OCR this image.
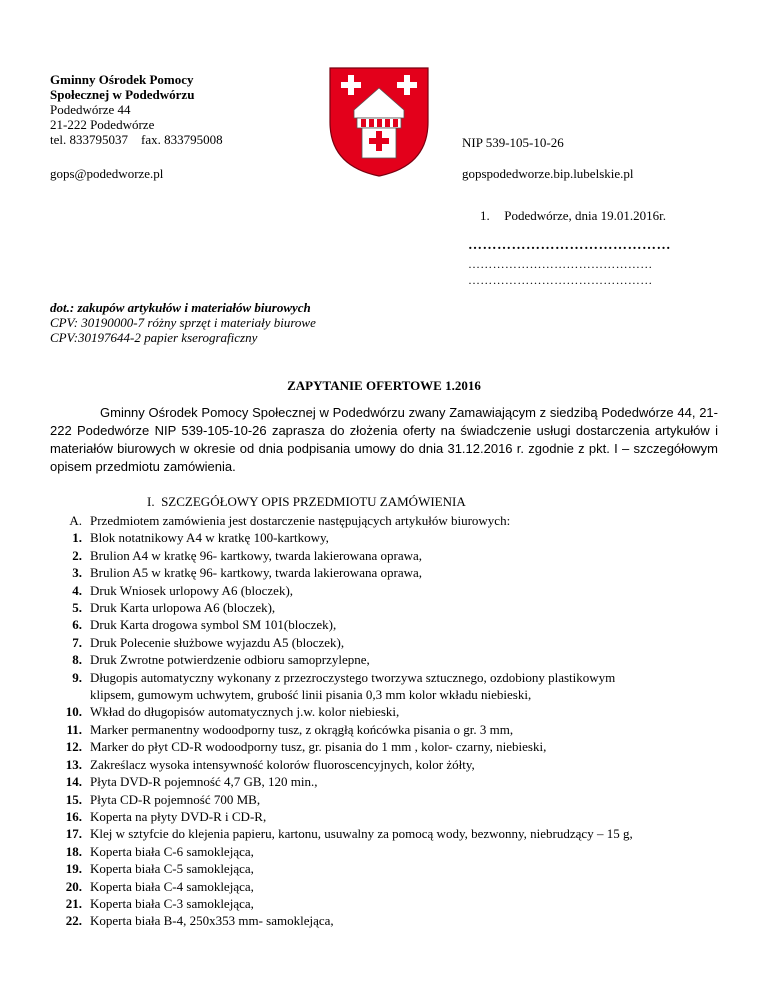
Gminny Ośrodek Pomocy
Społecznej w Podedwórzu
Podedwórze 44
21-222 Podedwórze
tel. 833795037    fax. 833795008	NIP 539-105-10-26
gops@podedworze.pl	gopspodedworze.bip.lubelskie.pl
1. Podedwórze, dnia 19.01.2016r.
……………………………………
………………………………………
………………………………………
dot.: zakupów artykułów i materiałów biurowych
CPV: 30190000-7 różny sprzęt i materiały biurowe
CPV:30197644-2 papier kserograficzny
ZAPYTANIE OFERTOWE 1.2016
Gminny Ośrodek Pomocy Społecznej w Podedwórzu zwany Zamawiającym z siedzibą Podedwórze 44, 21-222 Podedwórze NIP 539-105-10-26 zaprasza do złożenia oferty na świadczenie usługi dostarczenia artykułów i materiałów biurowych w okresie od dnia podpisania umowy do dnia 31.12.2016 r. zgodnie z pkt. I – szczegółowym opisem przedmiotu zamówienia.
I.  SZCZEGÓŁOWY OPIS PRZEDMIOTU ZAMÓWIENIA
A. Przedmiotem zamówienia jest dostarczenie następujących artykułów biurowych:
1. Blok notatnikowy A4 w kratkę 100-kartkowy,
2. Brulion A4 w kratkę 96- kartkowy, twarda lakierowana oprawa,
3. Brulion A5 w kratkę 96- kartkowy, twarda lakierowana oprawa,
4. Druk Wniosek urlopowy A6 (bloczek),
5. Druk Karta urlopowa A6 (bloczek),
6. Druk Karta drogowa symbol SM 101(bloczek),
7. Druk Polecenie służbowe wyjazdu A5 (bloczek),
8. Druk Zwrotne potwierdzenie odbioru samoprzylepne,
9. Długopis automatyczny wykonany z przezroczystego tworzywa sztucznego, ozdobiony plastikowym
klipsem, gumowym uchwytem, grubość linii pisania 0,3 mm kolor wkładu niebieski,
10. Wkład do długopisów automatycznych j.w. kolor niebieski,
11. Marker permanentny wodoodporny tusz, z okrągłą końcówka pisania o gr. 3 mm,
12. Marker do płyt CD-R wodoodporny tusz, gr. pisania do 1 mm , kolor- czarny, niebieski,
13. Zakreślacz wysoka intensywność kolorów fluoroscencyjnych, kolor żółty,
14. Płyta DVD-R pojemność 4,7 GB, 120 min.,
15. Płyta CD-R pojemność 700 MB,
16. Koperta na płyty DVD-R i CD-R,
17. Klej w sztyfcie do klejenia papieru, kartonu, usuwalny za pomocą wody, bezwonny, niebrudzący – 15 g,
18. Koperta biała C-6 samoklejąca,
19. Koperta biała C-5 samoklejąca,
20. Koperta biała C-4 samoklejąca,
21. Koperta biała C-3 samoklejąca,
22. Koperta biała B-4, 250x353 mm- samoklejąca,
